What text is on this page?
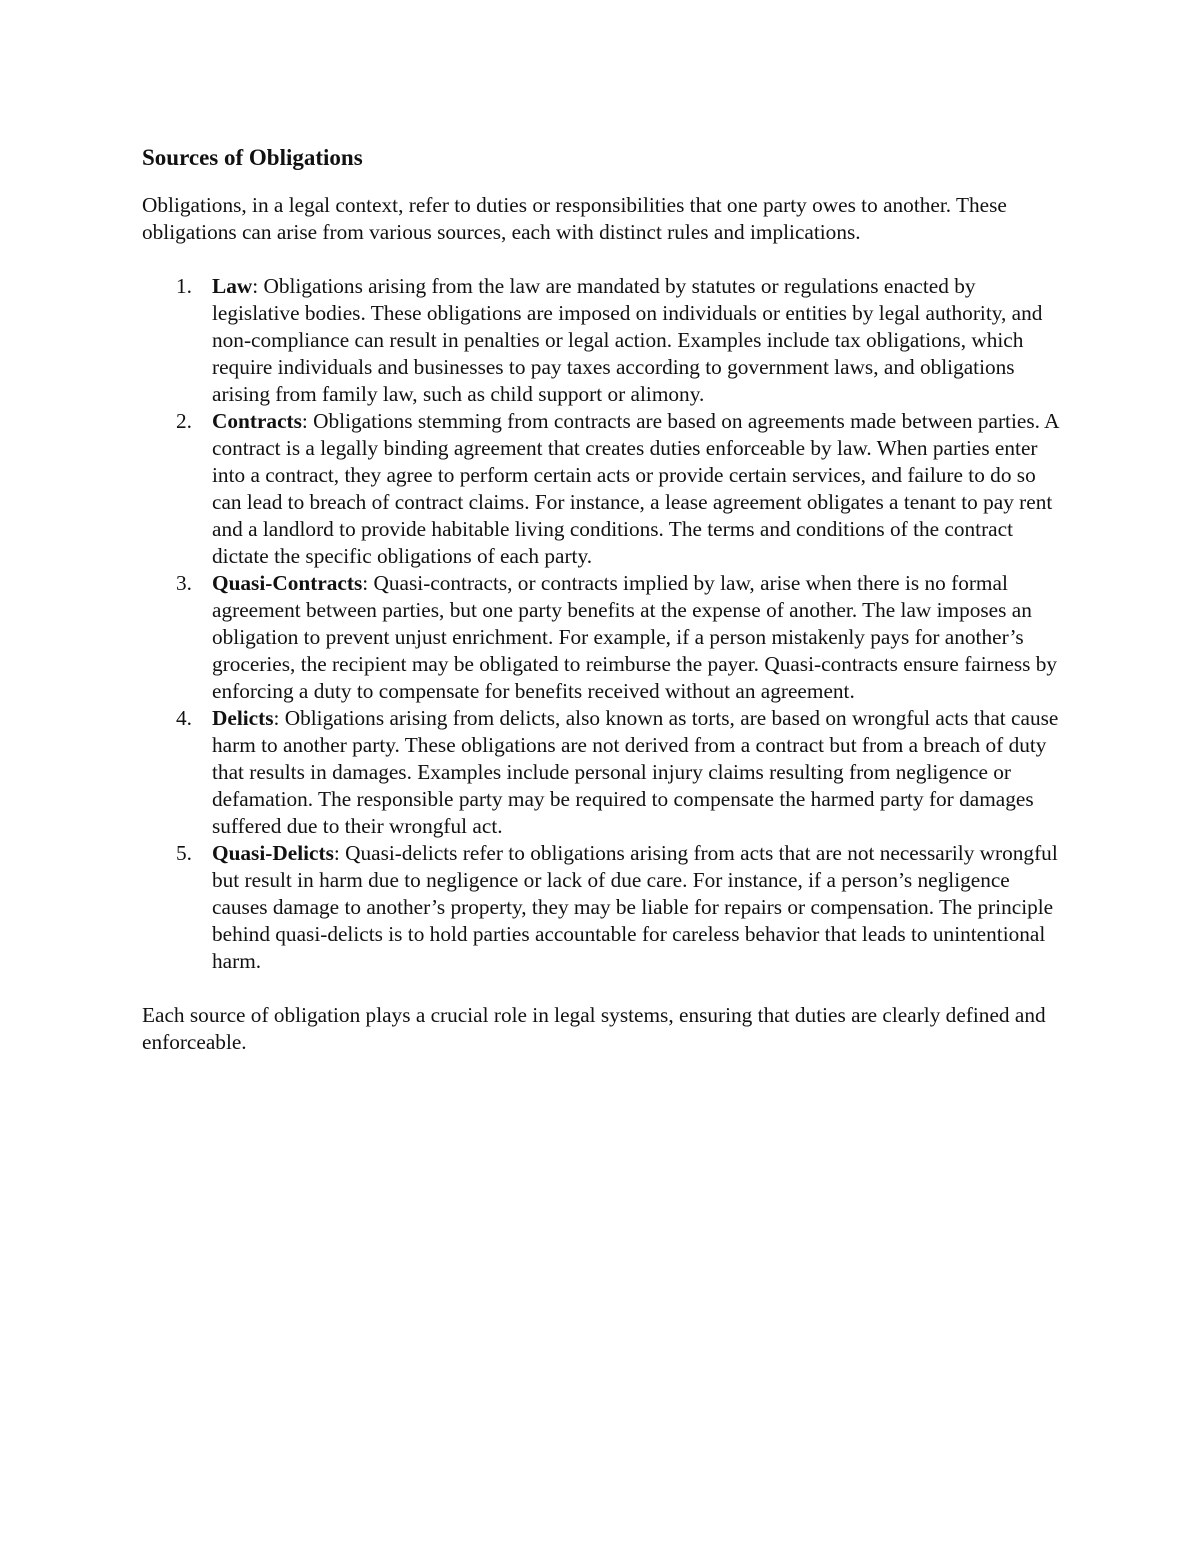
Sources of Obligations

Obligations, in a legal context, refer to duties or responsibilities that one party owes to another. These obligations can arise from various sources, each with distinct rules and implications.

1. Law: Obligations arising from the law are mandated by statutes or regulations enacted by legislative bodies. These obligations are imposed on individuals or entities by legal authority, and non-compliance can result in penalties or legal action. Examples include tax obligations, which require individuals and businesses to pay taxes according to government laws, and obligations arising from family law, such as child support or alimony.
2. Contracts: Obligations stemming from contracts are based on agreements made between parties. A contract is a legally binding agreement that creates duties enforceable by law. When parties enter into a contract, they agree to perform certain acts or provide certain services, and failure to do so can lead to breach of contract claims. For instance, a lease agreement obligates a tenant to pay rent and a landlord to provide habitable living conditions. The terms and conditions of the contract dictate the specific obligations of each party.
3. Quasi-Contracts: Quasi-contracts, or contracts implied by law, arise when there is no formal agreement between parties, but one party benefits at the expense of another. The law imposes an obligation to prevent unjust enrichment. For example, if a person mistakenly pays for another’s groceries, the recipient may be obligated to reimburse the payer. Quasi-contracts ensure fairness by enforcing a duty to compensate for benefits received without an agreement.
4. Delicts: Obligations arising from delicts, also known as torts, are based on wrongful acts that cause harm to another party. These obligations are not derived from a contract but from a breach of duty that results in damages. Examples include personal injury claims resulting from negligence or defamation. The responsible party may be required to compensate the harmed party for damages suffered due to their wrongful act.
5. Quasi-Delicts: Quasi-delicts refer to obligations arising from acts that are not necessarily wrongful but result in harm due to negligence or lack of due care. For instance, if a person’s negligence causes damage to another’s property, they may be liable for repairs or compensation. The principle behind quasi-delicts is to hold parties accountable for careless behavior that leads to unintentional harm.

Each source of obligation plays a crucial role in legal systems, ensuring that duties are clearly defined and enforceable.
